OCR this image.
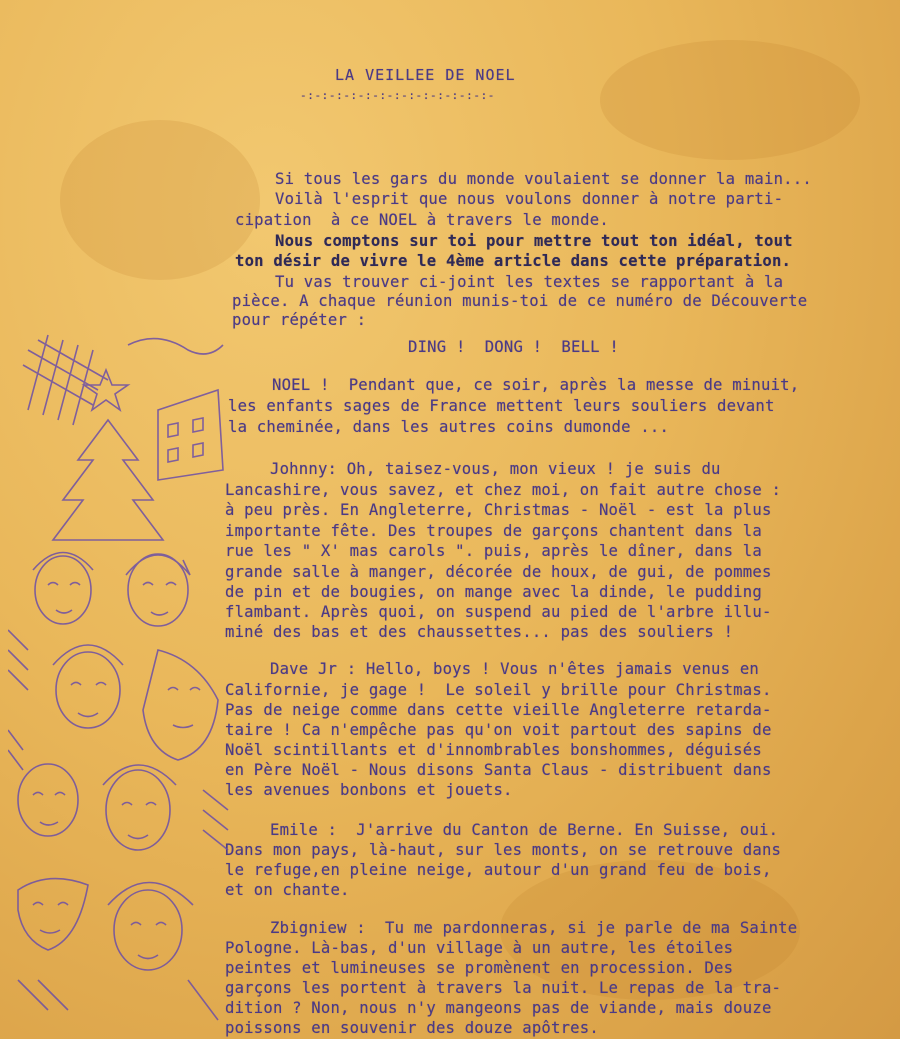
LA VEILLEE DE NOEL
-:-:-:-:-:-:-:-:-:-:-:-:-:-
Si tous les gars du monde voulaient se donner la main...
Voilà l'esprit que nous voulons donner à notre parti-
cipation  à ce NOEL à travers le monde.
Nous comptons sur toi pour mettre tout ton idéal, tout
ton désir de vivre le 4ème article dans cette préparation.
Tu vas trouver ci-joint les textes se rapportant à la
pièce. A chaque réunion munis-toi de ce numéro de Découverte
pour répéter :
DING !  DONG !  BELL !
NOEL !  Pendant que, ce soir, après la messe de minuit,
les enfants sages de France mettent leurs souliers devant
la cheminée, dans les autres coins dumonde ...
Johnny: Oh, taisez-vous, mon vieux ! je suis du
Lancashire, vous savez, et chez moi, on fait autre chose :
à peu près. En Angleterre, Christmas - Noël - est la plus
importante fête. Des troupes de garçons chantent dans la
rue les " X' mas carols ". puis, après le dîner, dans la
grande salle à manger, décorée de houx, de gui, de pommes
de pin et de bougies, on mange avec la dinde, le pudding
flambant. Après quoi, on suspend au pied de l'arbre illu-
miné des bas et des chaussettes... pas des souliers !
Dave Jr : Hello, boys ! Vous n'êtes jamais venus en
Californie, je gage !  Le soleil y brille pour Christmas.
Pas de neige comme dans cette vieille Angleterre retarda-
taire ! Ca n'empêche pas qu'on voit partout des sapins de
Noël scintillants et d'innombrables bonshommes, déguisés
en Père Noël - Nous disons Santa Claus - distribuent dans
les avenues bonbons et jouets.
Emile :  J'arrive du Canton de Berne. En Suisse, oui.
Dans mon pays, là-haut, sur les monts, on se retrouve dans
le refuge,en pleine neige, autour d'un grand feu de bois,
et on chante.
Zbigniew :  Tu me pardonneras, si je parle de ma Sainte
Pologne. Là-bas, d'un village à un autre, les étoiles
peintes et lumineuses se promènent en procession. Des
garçons les portent à travers la nuit. Le repas de la tra-
dition ? Non, nous n'y mangeons pas de viande, mais douze
poissons en souvenir des douze apôtres.
